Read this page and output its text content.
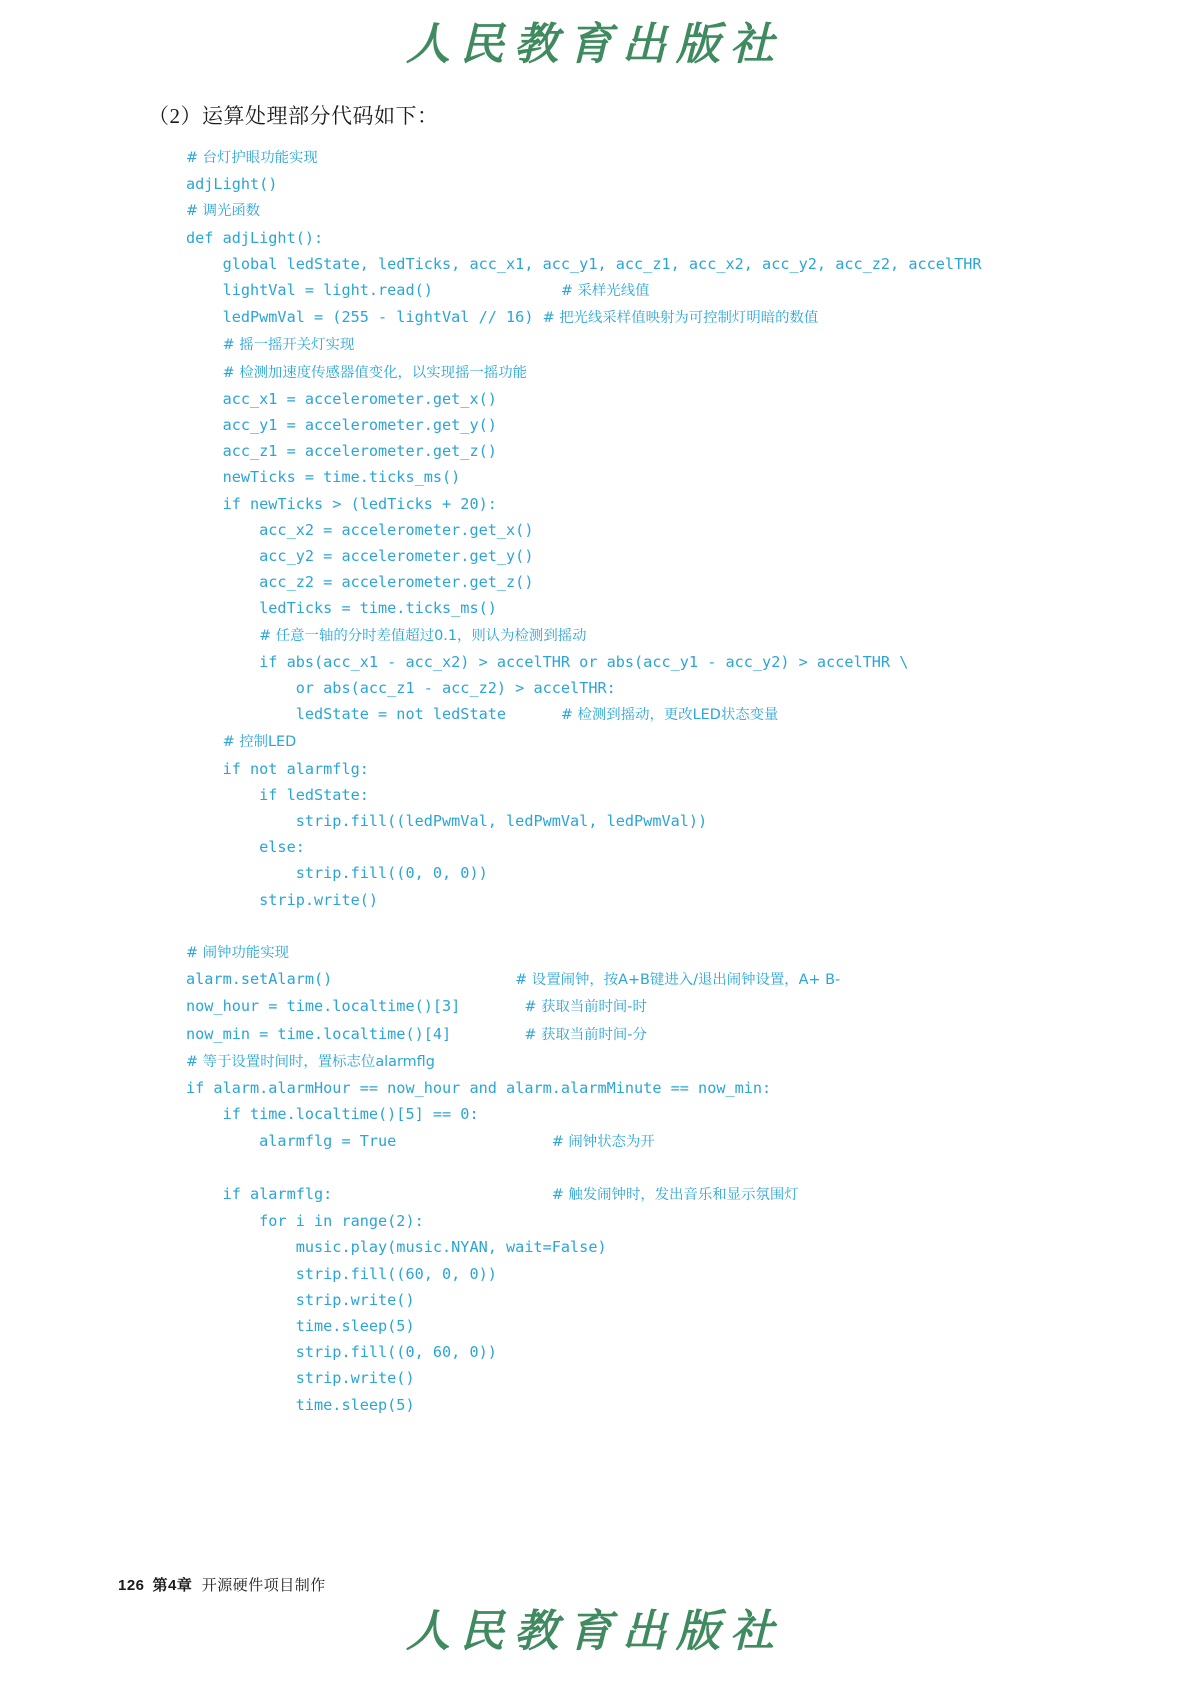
人民教育出版社
（2）运算处理部分代码如下：
# 台灯护眼功能实现
adjLight()
# 调光函数
def adjLight():
global ledState, ledTicks, acc_x1, acc_y1, acc_z1, acc_x2, acc_y2, acc_z2, accelTHR
lightVal = light.read()              # 采样光线值
ledPwmVal = (255 - lightVal // 16) # 把光线采样值映射为可控制灯明暗的数值
# 摇一摇开关灯实现
# 检测加速度传感器值变化，以实现摇一摇功能
acc_x1 = accelerometer.get_x()
acc_y1 = accelerometer.get_y()
acc_z1 = accelerometer.get_z()
newTicks = time.ticks_ms()
if newTicks > (ledTicks + 20):
acc_x2 = accelerometer.get_x()
acc_y2 = accelerometer.get_y()
acc_z2 = accelerometer.get_z()
ledTicks = time.ticks_ms()
# 任意一轴的分时差值超过0.1，则认为检测到摇动
if abs(acc_x1 - acc_x2) > accelTHR or abs(acc_y1 - acc_y2) > accelTHR \
or abs(acc_z1 - acc_z2) > accelTHR:
ledState = not ledState      # 检测到摇动，更改LED状态变量
# 控制LED
if not alarmflg:
if ledState:
strip.fill((ledPwmVal, ledPwmVal, ledPwmVal))
else:
strip.fill((0, 0, 0))
strip.write()

# 闹钟功能实现
alarm.setAlarm()                    # 设置闹钟，按A+B键进入/退出闹钟设置，A+ B-
now_hour = time.localtime()[3]       # 获取当前时间-时
now_min = time.localtime()[4]        # 获取当前时间-分
# 等于设置时间时，置标志位alarmflg
if alarm.alarmHour == now_hour and alarm.alarmMinute == now_min:
if time.localtime()[5] == 0:
alarmflg = True                 # 闹钟状态为开

if alarmflg:                        # 触发闹钟时，发出音乐和显示氛围灯
for i in range(2):
music.play(music.NYAN, wait=False)
strip.fill((60, 0, 0))
strip.write()
time.sleep(5)
strip.fill((0, 60, 0))
strip.write()
time.sleep(5)
126 第4章 开源硬件项目制作
人民教育出版社
